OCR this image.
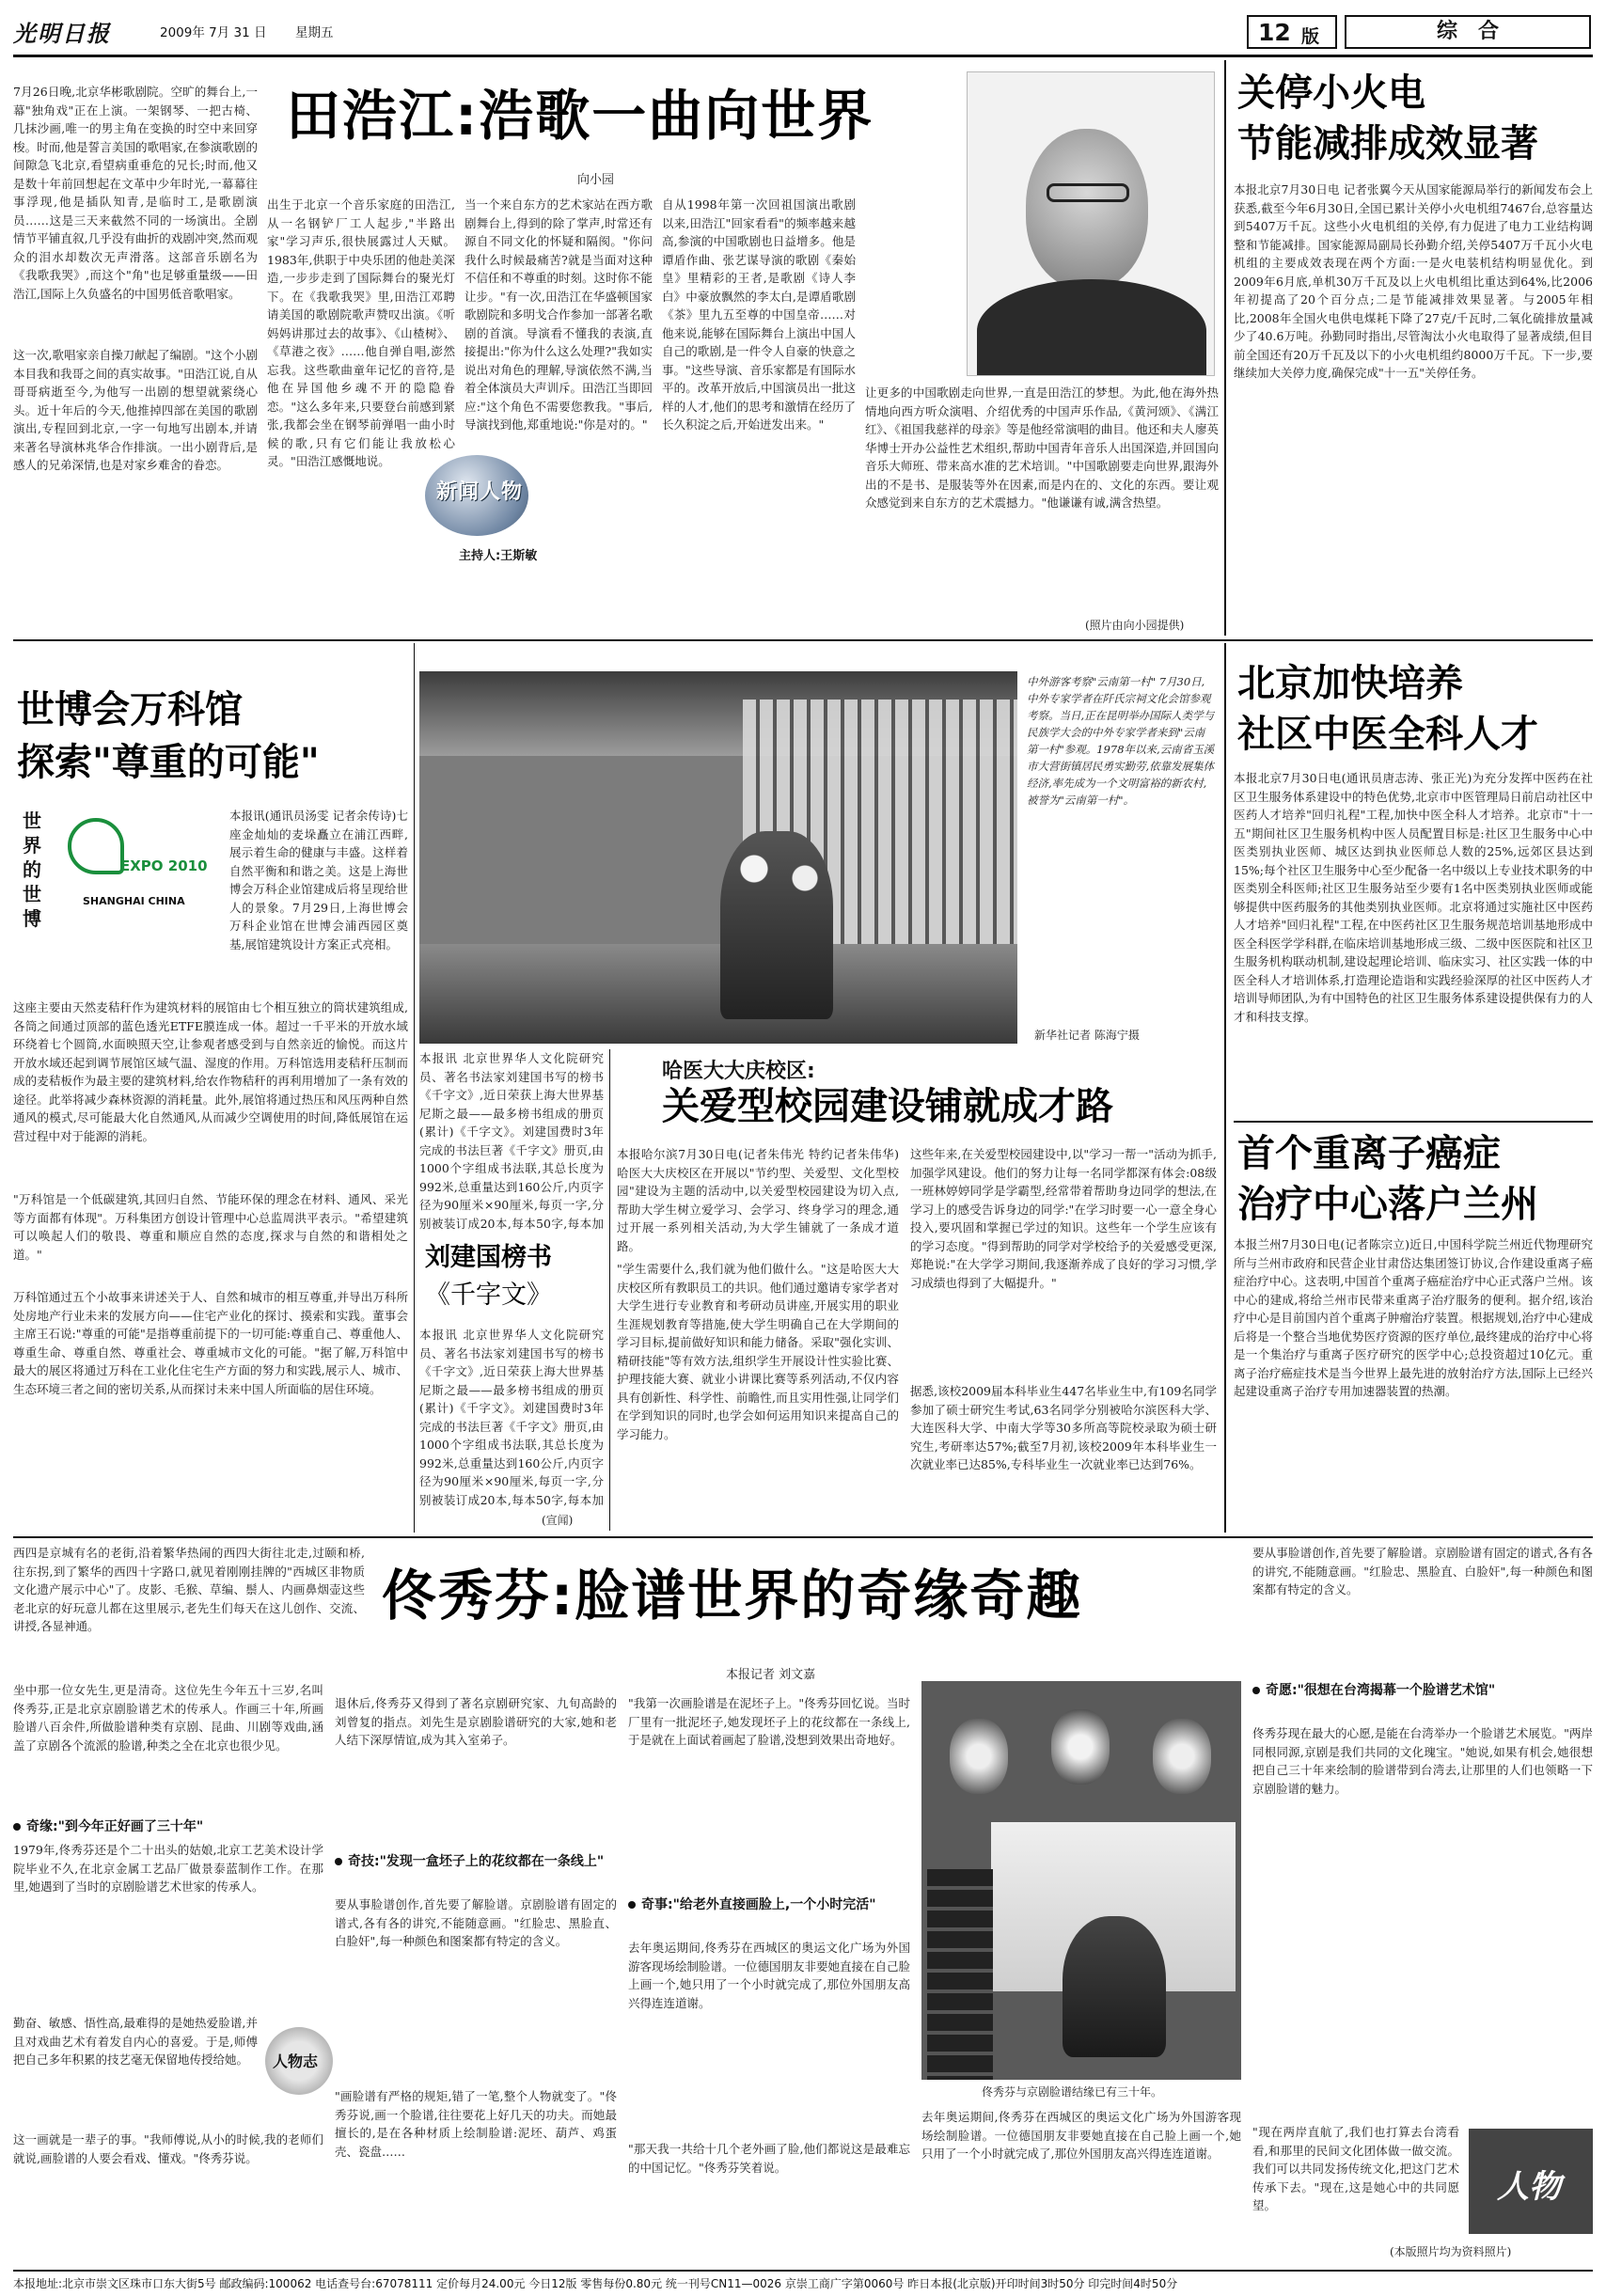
光明日报	2009年 7月 31 日 星期五	12 版	综　合
田浩江:浩歌一曲向世界
向小园
7月26日晚,北京华彬歌剧院。空旷的舞台上,一幕"独角戏"正在上演。一架钢琴、一把古椅、几抹沙画,唯一的男主角在变换的时空中来回穿梭。时而,他是誓言美国的歌唱家,在参演歌剧的间隙急飞北京,看望病重垂危的兄长;时而,他又是数十年前回想起在文革中少年时光,一幕幕往事浮现,他是插队知青,是临时工,是歌剧演员……这是三天来截然不同的一场演出。全剧情节平铺直叙,几乎没有曲折的戏剧冲突,然而观众的泪水却数次无声滑落。这部音乐剧名为《我歌我哭》,而这个"角"也足够重量级——田浩江,国际上久负盛名的中国男低音歌唱家。
这一次,歌唱家亲自操刀献起了编剧。"这个小剧本目我和我哥之间的真实故事。"田浩江说,自从哥哥病逝至今,为他写一出剧的想望就萦绕心头。近十年后的今天,他推掉四部在美国的歌剧演出,专程回到北京,一字一句地写出剧本,并请来著名导演林兆华合作排演。一出小剧背后,是感人的兄弟深情,也是对家乡难舍的眷恋。
出生于北京一个音乐家庭的田浩江,从一名钢铲厂工人起步,"半路出家"学习声乐,很快展露过人天赋。1983年,供职于中央乐团的他赴美深造,一步步走到了国际舞台的聚光灯下。在《我歌我哭》里,田浩江邓聘请美国的歌剧院歌声赞叹出演。《听妈妈讲那过去的故事》、《山楂树》、《草港之夜》……他自弹自唱,澎然忘我。这些歌曲童年记忆的音符,是他在异国他乡魂不开的隐隐眷恋。"这么多年来,只要登台前感到紧张,我都会坐在钢琴前弹唱一曲小时候的歌,只有它们能让我放松心灵。"田浩江感慨地说。
新闻人物
主持人:王斯敏
当一个来自东方的艺术家站在西方歌剧舞台上,得到的除了掌声,时常还有源自不同文化的怀疑和隔阂。"你问我什么时候最痛苦?就是当面对这种不信任和不尊重的时刻。这时你不能让步。"有一次,田浩江在华盛顿国家歌剧院和多明戈合作参加一部著名歌剧的首演。导演看不懂我的表演,直接提出:"你为什么这么处理?"我如实说出对角色的理解,导演依然不满,当着全体演员大声训斥。田浩江当即回应:"这个角色不需要您教我。"事后,导演找到他,郑重地说:"你是对的。"
自从1998年第一次回祖国演出歌剧以来,田浩江"回家看看"的频率越来越高,参演的中国歌剧也日益增多。他是谭盾作曲、张艺谋导演的歌剧《秦始皇》里精彩的王者,是歌剧《诗人李白》中豪放飘然的李太白,是谭盾歌剧《茶》里九五至尊的中国皇帝……对他来说,能够在国际舞台上演出中国人自己的歌剧,是一件令人自豪的快意之事。"这些导演、音乐家都是有国际水平的。改革开放后,中国演员出一批这样的人才,他们的思考和激情在经历了长久积淀之后,开始迸发出来。"
让更多的中国歌剧走向世界,一直是田浩江的梦想。为此,他在海外热情地向西方听众演唱、介绍优秀的中国声乐作品,《黄河颂》、《满江红》、《祖国我慈祥的母亲》等是他经常演唱的曲目。他还和夫人廖英华博士开办公益性艺术组织,帮助中国青年音乐人出国深造,并回国向音乐大师班、带来高水准的艺术培训。"中国歌剧要走向世界,跟海外出的不是书、是服装等外在因素,而是内在的、文化的东西。要让观众感觉到来自东方的艺术震撼力。"他谦谦有诚,满含热望。
(照片由向小园提供)
关停小火电
节能减排成效显著
本报北京7月30日电 记者张翼今天从国家能源局举行的新闻发布会上获悉,截至今年6月30日,全国已累计关停小火电机组7467台,总容量达到5407万千瓦。这些小火电机组的关停,有力促进了电力工业结构调整和节能减排。国家能源局副局长孙勤介绍,关停5407万千瓦小火电机组的主要成效表现在两个方面:一是火电装机结构明显优化。到2009年6月底,单机30万千瓦及以上火电机组比重达到64%,比2006年初提高了20个百分点;二是节能减排效果显著。与2005年相比,2008年全国火电供电煤耗下降了27克/千瓦时,二氧化硫排放量减少了40.6万吨。孙勤同时指出,尽管淘汰小火电取得了显著成绩,但目前全国还有20万千瓦及以下的小火电机组约8000万千瓦。下一步,要继续加大关停力度,确保完成"十一五"关停任务。
世博会万科馆
探索"尊重的可能"
世界的世博
EXPO 2010
SHANGHAI CHINA
本报讯(通讯员汤雯 记者余传诗)七座金灿灿的麦垛矗立在浦江西畔,展示着生命的健康与丰盛。这样着自然平衡和和谐之美。这是上海世博会万科企业馆建成后将呈现给世人的景象。7月29日,上海世博会万科企业馆在世博会浦西园区奠基,展馆建筑设计方案正式亮相。
这座主要由天然麦秸秆作为建筑材料的展馆由七个相互独立的筒状建筑组成,各筒之间通过顶部的蓝色透光ETFE膜连成一体。超过一千平米的开放水域环绕着七个圆筒,水面映照天空,让参观者感受到与自然亲近的愉悦。而这片开放水域还起到调节展馆区域气温、湿度的作用。万科馆选用麦秸秆压制而成的麦秸板作为最主要的建筑材料,给农作物秸秆的再利用增加了一条有效的途径。此举将减少森林资源的消耗量。此外,展馆将通过热压和风压两种自然通风的模式,尽可能最大化自然通风,从而减少空调使用的时间,降低展馆在运营过程中对于能源的消耗。
"万科馆是一个低碳建筑,其回归自然、节能环保的理念在材料、通风、采光等方面都有体现"。万科集团方创设计管理中心总监周洪平表示。"希望建筑可以唤起人们的敬畏、尊重和顺应自然的态度,探求与自然的和谐相处之道。"
万科馆通过五个小故事来讲述关于人、自然和城市的相互尊重,并导出万科所处房地产行业未来的发展方向——住宅产业化的探讨、摸索和实践。董事会主席王石说:"尊重的可能"是指尊重前提下的一切可能:尊重自己、尊重他人、尊重生命、尊重自然、尊重社会、尊重城市文化的可能。"据了解,万科馆中最大的展区将通过万科在工业化住宅生产方面的努力和实践,展示人、城市、生态环境三者之间的密切关系,从而探讨未来中国人所面临的居住环境。
中外游客考察"云南第一村" 7月30日,中外专家学者在阡氏宗祠文化会馆参观考察。当日,正在昆明举办国际人类学与民族学大会的中外专家学者来到"云南第一村"参观。1978年以来,云南省玉溪市大营街镇居民勇实勤劳,依靠发展集体经济,率先成为一个文明富裕的新农村,被誉为"云南第一村"。
新华社记者 陈海宁摄
北京加快培养
社区中医全科人才
本报北京7月30日电(通讯员唐志涛、张正光)为充分发挥中医药在社区卫生服务体系建设中的特色优势,北京市中医管理局日前启动社区中医药人才培养"回归礼程"工程,加快中医全科人才培养。北京市"十一五"期间社区卫生服务机构中医人员配置目标是:社区卫生服务中心中医类别执业医师、城区达到执业医师总人数的25%,远郊区县达到15%;每个社区卫生服务中心至少配备一名中级以上专业技术职务的中医类别全科医师;社区卫生服务站至少要有1名中医类别执业医师或能够提供中医药服务的其他类别执业医师。北京将通过实施社区中医药人才培养"回归礼程"工程,在中医药社区卫生服务规范培训基地形成中医全科医学学科群,在临床培训基地形成三级、二级中医医院和社区卫生服务机构联动机制,建设起理论培训、临床实习、社区实践一体的中医全科人才培训体系,打造理论造诣和实践经验深厚的社区中医药人才培训导师团队,为有中国特色的社区卫生服务体系建设提供保有力的人才和科技支撑。
本报讯 北京世界华人文化院研究员、著名书法家刘建国书写的榜书《千字文》,近日荣获上海大世界基尼斯之最——最多榜书组成的册页(累计)《千字文》。刘建国费时3年完成的书法巨著《千字文》册页,由1000个字组成书法联,其总长度为992米,总重量达到160公斤,内页字径为90厘米×90厘米,每页一字,分别被装订成20本,每本50字,每本加
刘建国榜书
《千字文》
本报讯 北京世界华人文化院研究员、著名书法家刘建国书写的榜书《千字文》,近日荣获上海大世界基尼斯之最——最多榜书组成的册页(累计)《千字文》。刘建国费时3年完成的书法巨著《千字文》册页,由1000个字组成书法联,其总长度为992米,总重量达到160公斤,内页字径为90厘米×90厘米,每页一字,分别被装订成20本,每本50字,每本加
(宣闻)
哈医大大庆校区:
关爱型校园建设铺就成才路
本报哈尔滨7月30日电(记者朱伟光 特约记者朱伟华)哈医大大庆校区在开展以"节约型、关爱型、文化型校园"建设为主题的活动中,以关爱型校园建设为切入点,帮助大学生树立爱学习、会学习、终身学习的理念,通过开展一系列相关活动,为大学生铺就了一条成才道路。
"学生需要什么,我们就为他们做什么。"这是哈医大大庆校区所有教职员工的共识。他们通过邀请专家学者对大学生进行专业教育和考研动员讲座,开展实用的职业生涯规划教育等措施,使大学生明确自己在大学期间的学习目标,提前做好知识和能力储备。采取"强化实训、精研技能"等有效方法,组织学生开展设计性实验比赛、护理技能大赛、就业小讲课比赛等系列活动,不仅内容具有创新性、科学性、前瞻性,而且实用性强,让同学们在学到知识的同时,也学会如何运用知识来提高自己的学习能力。
这些年来,在关爱型校园建设中,以"学习一帮一"活动为抓手,加强学风建设。他们的努力让每一名同学都深有体会:08级一班林婷婷同学是学霸型,经常带着帮助身边同学的想法,在学习上的感受告诉身边的同学:"在学习时要一心一意全身心投入,要巩固和掌握已学过的知识。这些年一个学生应该有的学习态度。"得到帮助的同学对学校给予的关爱感受更深,郑艳说:"在大学学习期间,我逐渐养成了良好的学习习惯,学习成绩也得到了大幅提升。"
据悉,该校2009届本科毕业生447名毕业生中,有109名同学参加了硕士研究生考试,63名同学分别被哈尔滨医科大学、大连医科大学、中南大学等30多所高等院校录取为硕士研究生,考研率达57%;截至7月初,该校2009年本科毕业生一次就业率已达85%,专科毕业生一次就业率已达到76%。
首个重离子癌症
治疗中心落户兰州
本报兰州7月30日电(记者陈宗立)近日,中国科学院兰州近代物理研究所与兰州市政府和民营企业甘肃岱达集团签订协议,合作建设重离子癌症治疗中心。这表明,中国首个重离子癌症治疗中心正式落户兰州。该中心的建成,将给兰州市民带来重离子治疗服务的便利。据介绍,该治疗中心是目前国内首个重离子肿瘤治疗装置。根据规划,治疗中心建成后将是一个整合当地优势医疗资源的医疗单位,最终建成的治疗中心将是一个集治疗与重离子医疗研究的医学中心;总投资超过10亿元。重离子治疗癌症技术是当今世界上最先进的放射治疗方法,国际上已经兴起建设重离子治疗专用加速器装置的热潮。
西四是京城有名的老街,沿着繁华热闹的西四大街往北走,过颐和桥,往东拐,到了繁华的西四十字路口,就见着刚刚挂牌的"西城区非物质文化遗产展示中心"了。皮影、毛猴、草编、鬃人、内画鼻烟壶这些老北京的好玩意儿都在这里展示,老先生们每天在这儿创作、交流、讲授,各显神通。	佟秀芬:脸谱世界的奇缘奇趣
本报记者 刘文嘉
坐中那一位女先生,更是清奇。这位先生今年五十三岁,名叫佟秀芬,正是北京京剧脸谱艺术的传承人。作画三十年,所画脸谱八百余件,所做脸谱种类有京剧、昆曲、川剧等戏曲,涵盖了京剧各个流派的脸谱,种类之全在北京也很少见。
奇缘:"到今年正好画了三十年"
1979年,佟秀芬还是个二十出头的姑娘,北京工艺美术设计学院毕业不久,在北京金属工艺品厂做景泰蓝制作工作。在那里,她遇到了当时的京剧脸谱艺术世家的传承人。
勤奋、敏感、悟性高,最难得的是她热爱脸谱,并且对戏曲艺术有着发自内心的喜爱。于是,师傅把自己多年积累的技艺毫无保留地传授给她。	人物志
这一画就是一辈子的事。"我师傅说,从小的时候,我的老师们就说,画脸谱的人要会看戏、懂戏。"佟秀芬说。
退休后,佟秀芬又得到了著名京剧研究家、九旬高龄的刘曾复的指点。刘先生是京剧脸谱研究的大家,她和老人结下深厚情谊,成为其入室弟子。
奇技:"发现一盒坯子上的花纹都在一条线上"
要从事脸谱创作,首先要了解脸谱。京剧脸谱有固定的谱式,各有各的讲究,不能随意画。"红脸忠、黑脸直、白脸奸",每一种颜色和图案都有特定的含义。
"画脸谱有严格的规矩,错了一笔,整个人物就变了。"佟秀芬说,画一个脸谱,往往要花上好几天的功夫。而她最擅长的,是在各种材质上绘制脸谱:泥坯、葫芦、鸡蛋壳、瓷盘……
"我第一次画脸谱是在泥坯子上。"佟秀芬回忆说。当时厂里有一批泥坯子,她发现坯子上的花纹都在一条线上,于是就在上面试着画起了脸谱,没想到效果出奇地好。
奇事:"给老外直接画脸上,一个小时完活"
去年奥运期间,佟秀芬在西城区的奥运文化广场为外国游客现场绘制脸谱。一位德国朋友非要她直接在自己脸上画一个,她只用了一个小时就完成了,那位外国朋友高兴得连连道谢。
"那天我一共给十几个老外画了脸,他们都说这是最难忘的中国记忆。"佟秀芬笑着说。
佟秀芬与京剧脸谱结缘已有三十年。
去年奥运期间,佟秀芬在西城区的奥运文化广场为外国游客现场绘制脸谱。一位德国朋友非要她直接在自己脸上画一个,她只用了一个小时就完成了,那位外国朋友高兴得连连道谢。
要从事脸谱创作,首先要了解脸谱。京剧脸谱有固定的谱式,各有各的讲究,不能随意画。"红脸忠、黑脸直、白脸奸",每一种颜色和图案都有特定的含义。
奇愿:"很想在台湾揭幕一个脸谱艺术馆"
佟秀芬现在最大的心愿,是能在台湾举办一个脸谱艺术展览。"两岸同根同源,京剧是我们共同的文化瑰宝。"她说,如果有机会,她很想把自己三十年来绘制的脸谱带到台湾去,让那里的人们也领略一下京剧脸谱的魅力。
"现在两岸直航了,我们也打算去台湾看看,和那里的民间文化团体做一做交流。我们可以共同发扬传统文化,把这门艺术传承下去。"现在,这是她心中的共同愿望。	人物
(本版照片均为资料照片)
本报地址:北京市崇文区珠市口东大街5号 邮政编码:100062 电话查号台:67078111 定价每月24.00元 今日12版 零售每份0.80元 统一刊号CN11—0026 京崇工商广字第0060号 昨日本报(北京版)开印时间3时50分 印完时间4时50分
